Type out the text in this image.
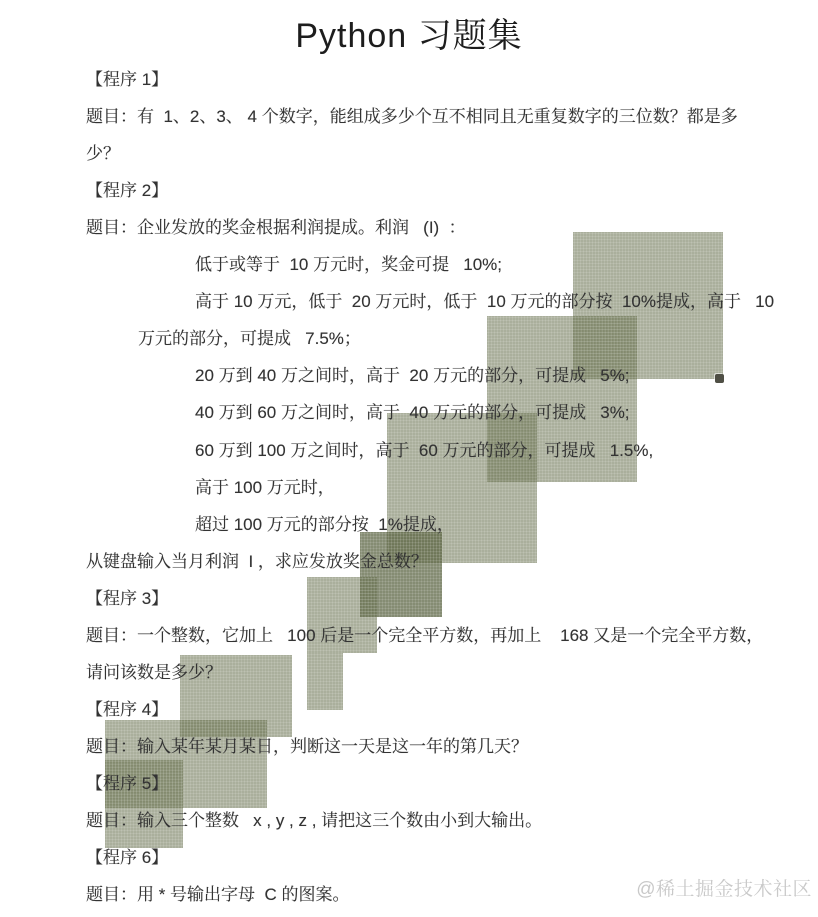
Python 习题集
【程序 1】
题目：有  1、2、3、 4 个数字，能组成多少个互不相同且无重复数字的三位数？都是多
少？
【程序 2】
题目：企业发放的奖金根据利润提成。利润   (I)  ：
低于或等于  10 万元时，奖金可提   10%;
高于 10 万元，低于  20 万元时，低于  10 万元的部分按  10%提成，高于   10
万元的部分，可提成   7.5%；
20 万到 40 万之间时，高于  20 万元的部分，可提成   5%;
40 万到 60 万之间时，高于  40 万元的部分，可提成   3%;
60 万到 100 万之间时，高于  60 万元的部分，可提成   1.5%,
高于 100 万元时，
超过 100 万元的部分按  1%提成，
从键盘输入当月利润  I ，求应发放奖金总数？
【程序 3】
题目：一个整数，它加上   100 后是一个完全平方数，再加上    168 又是一个完全平方数，
请问该数是多少？
【程序 4】
题目：输入某年某月某日，判断这一天是这一年的第几天？
【程序 5】
题目：输入三个整数   x , y , z , 请把这三个数由小到大输出。
【程序 6】
题目：用 * 号输出字母  C 的图案。	@稀土掘金技术社区
